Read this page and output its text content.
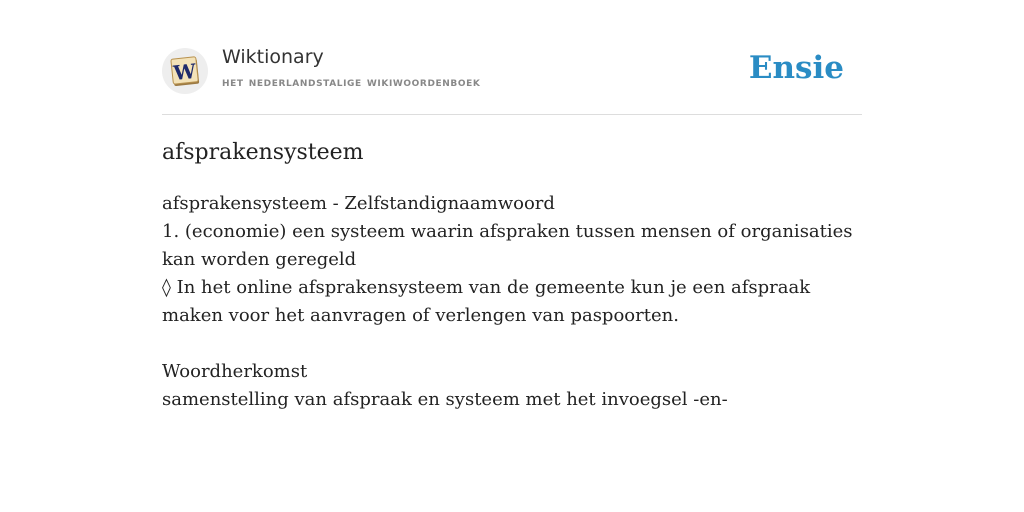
W
Wiktionary
het nederlandstalige wikiwoordenboek	Ensie
afsprakensysteem

afsprakensysteem - Zelfstandignaamwoord

1. (economie) een systeem waarin afspraken tussen mensen of organisaties kan worden geregeld

◊ In het online afsprakensysteem van de gemeente kun je een afspraak maken voor het aanvragen of verlengen van paspoorten.

Woordherkomst

samenstelling van afspraak en systeem met het invoegsel -en-
